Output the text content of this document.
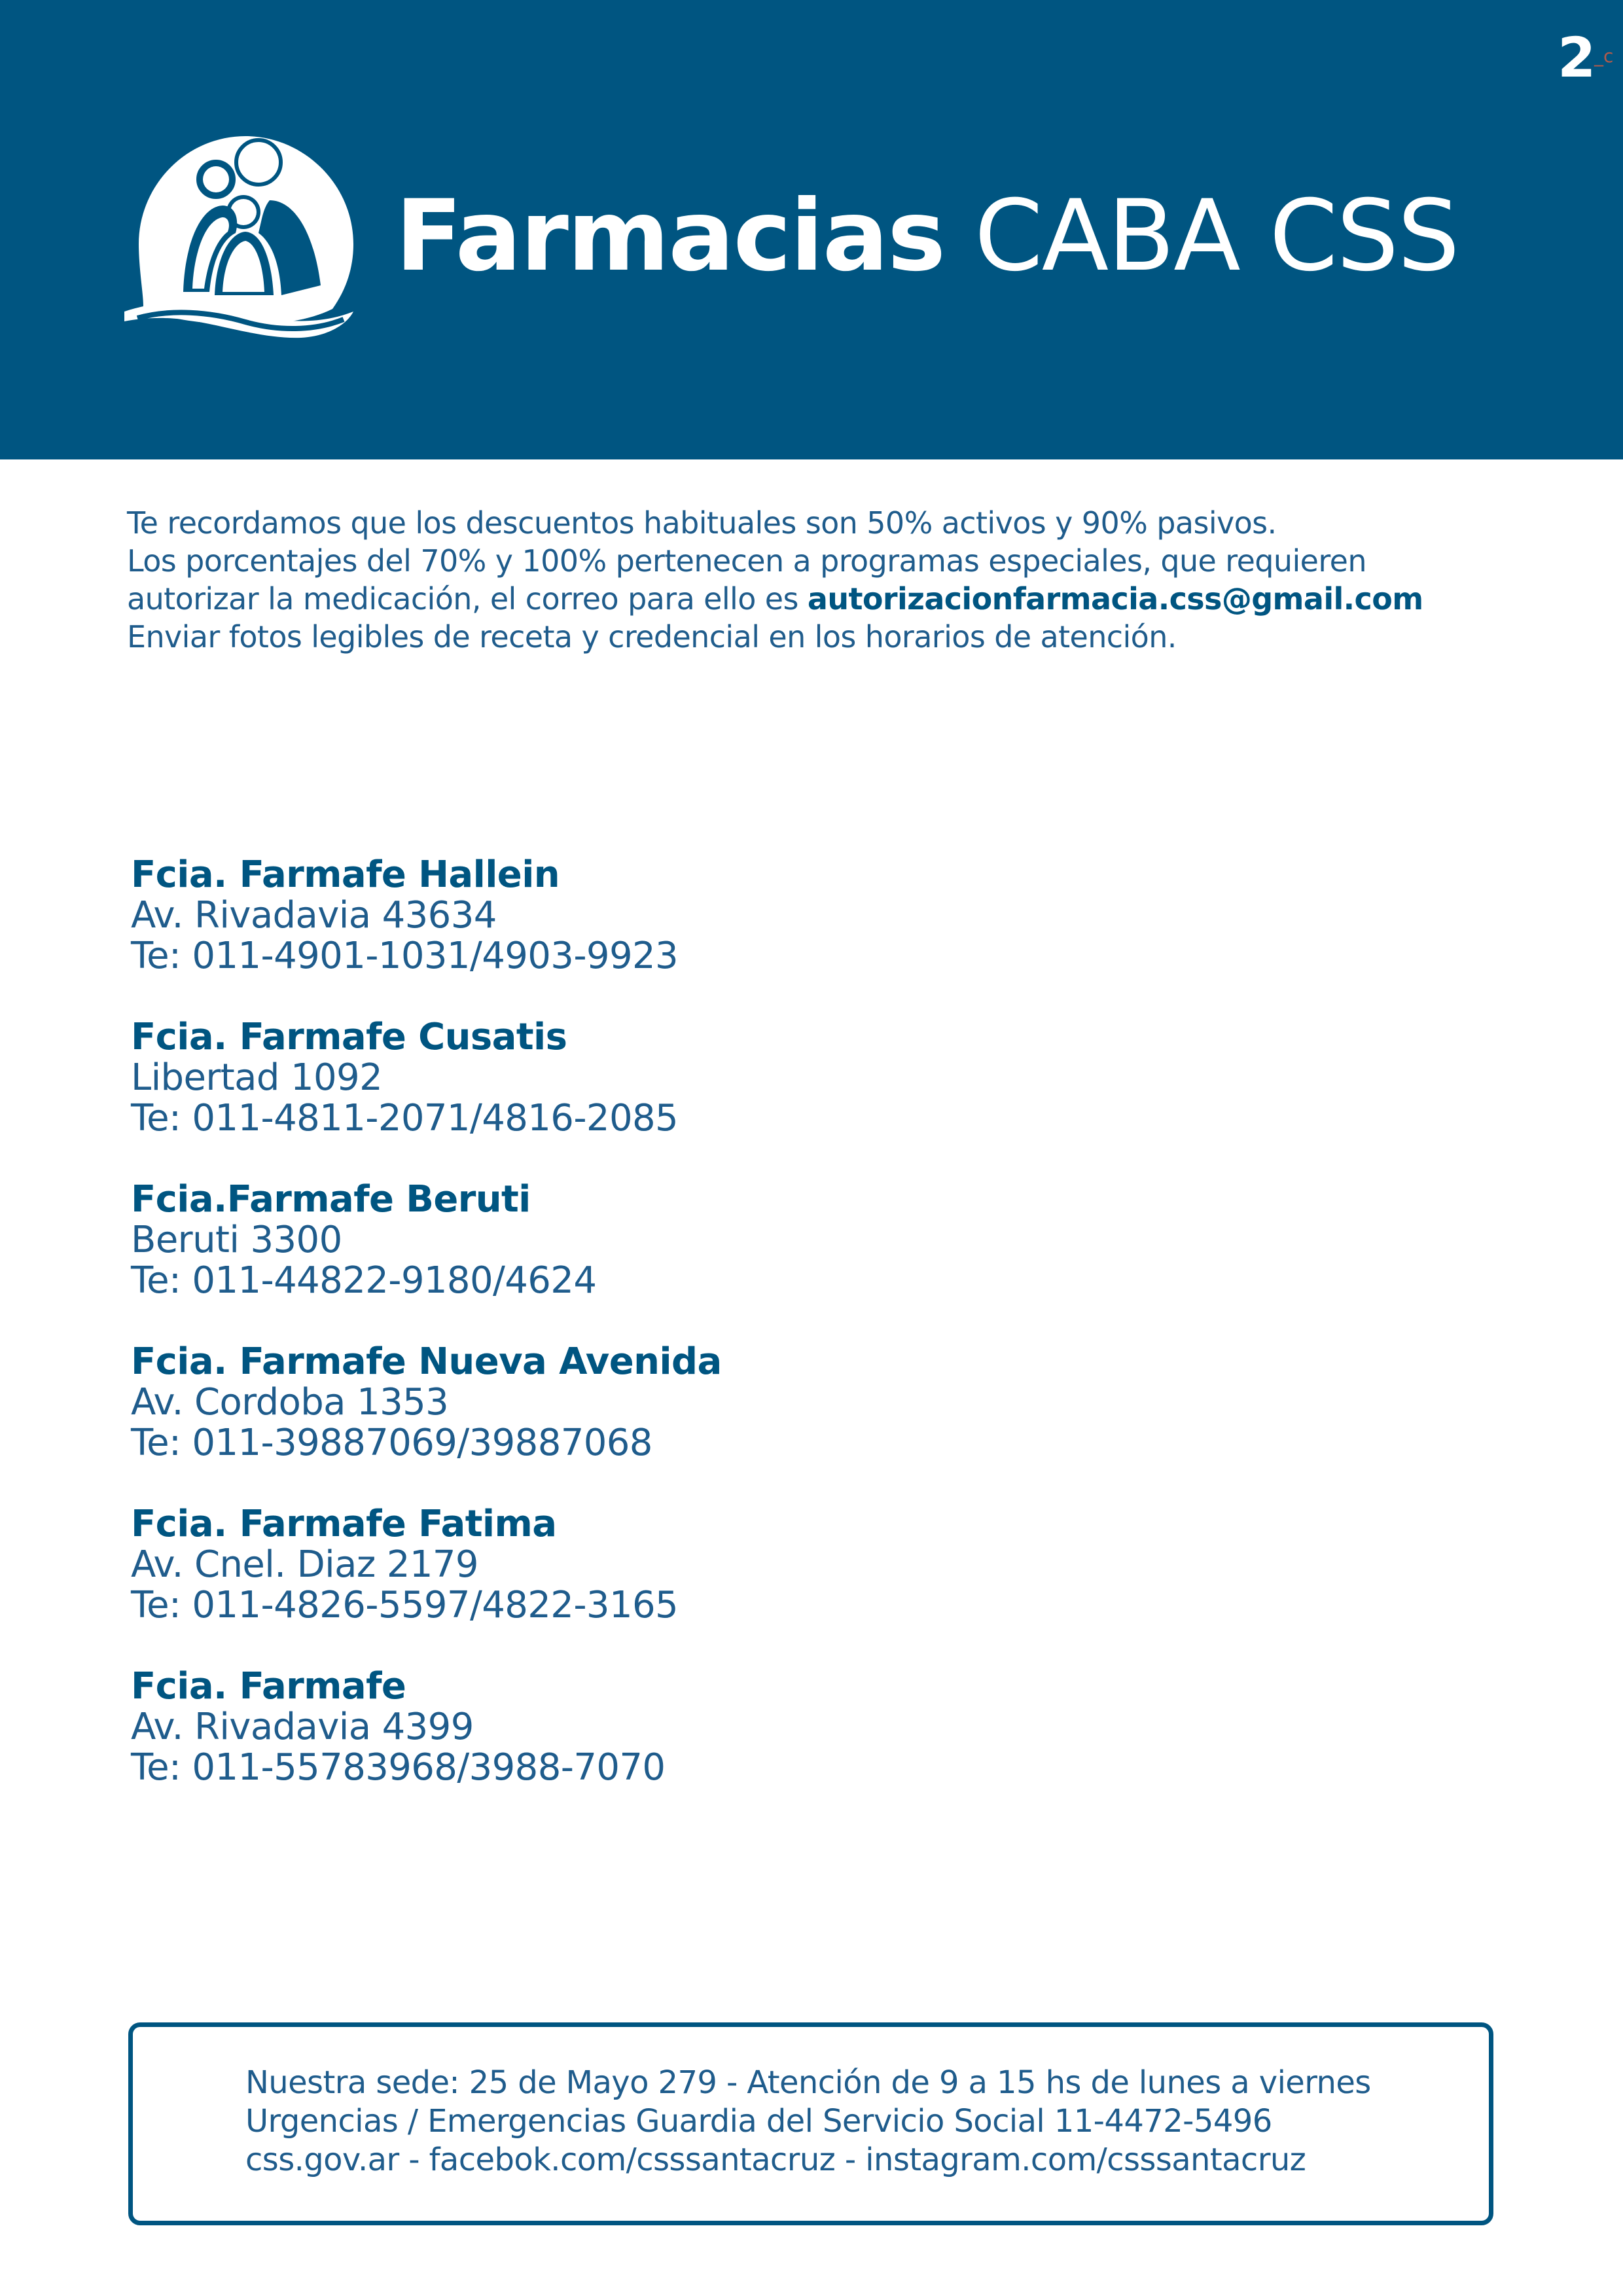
2
_c
Farmacias CABA CSS
Te recordamos que los descuentos habituales son 50% activos y 90% pasivos.
Los porcentajes del 70% y 100% pertenecen a programas especiales, que requieren
autorizar la medicación, el correo para ello es autorizacionfarmacia.css@gmail.com
Enviar fotos legibles de receta y credencial en los horarios de atención.
Fcia. Farmafe Hallein
Av. Rivadavia 43634
Te: 011-4901-1031/4903-9923
Fcia. Farmafe Cusatis
Libertad 1092
Te: 011-4811-2071/4816-2085
Fcia.Farmafe Beruti
Beruti 3300
Te: 011-44822-9180/4624
Fcia. Farmafe Nueva Avenida
Av. Cordoba 1353
Te: 011-39887069/39887068
Fcia. Farmafe Fatima
Av. Cnel. Diaz 2179
Te: 011-4826-5597/4822-3165
Fcia. Farmafe
Av. Rivadavia 4399
Te: 011-55783968/3988-7070
Nuestra sede: 25 de Mayo 279 - Atención de 9 a 15 hs de lunes a viernes
Urgencias / Emergencias Guardia del Servicio Social 11-4472-5496
css.gov.ar - facebok.com/csssantacruz - instagram.com/csssantacruz
